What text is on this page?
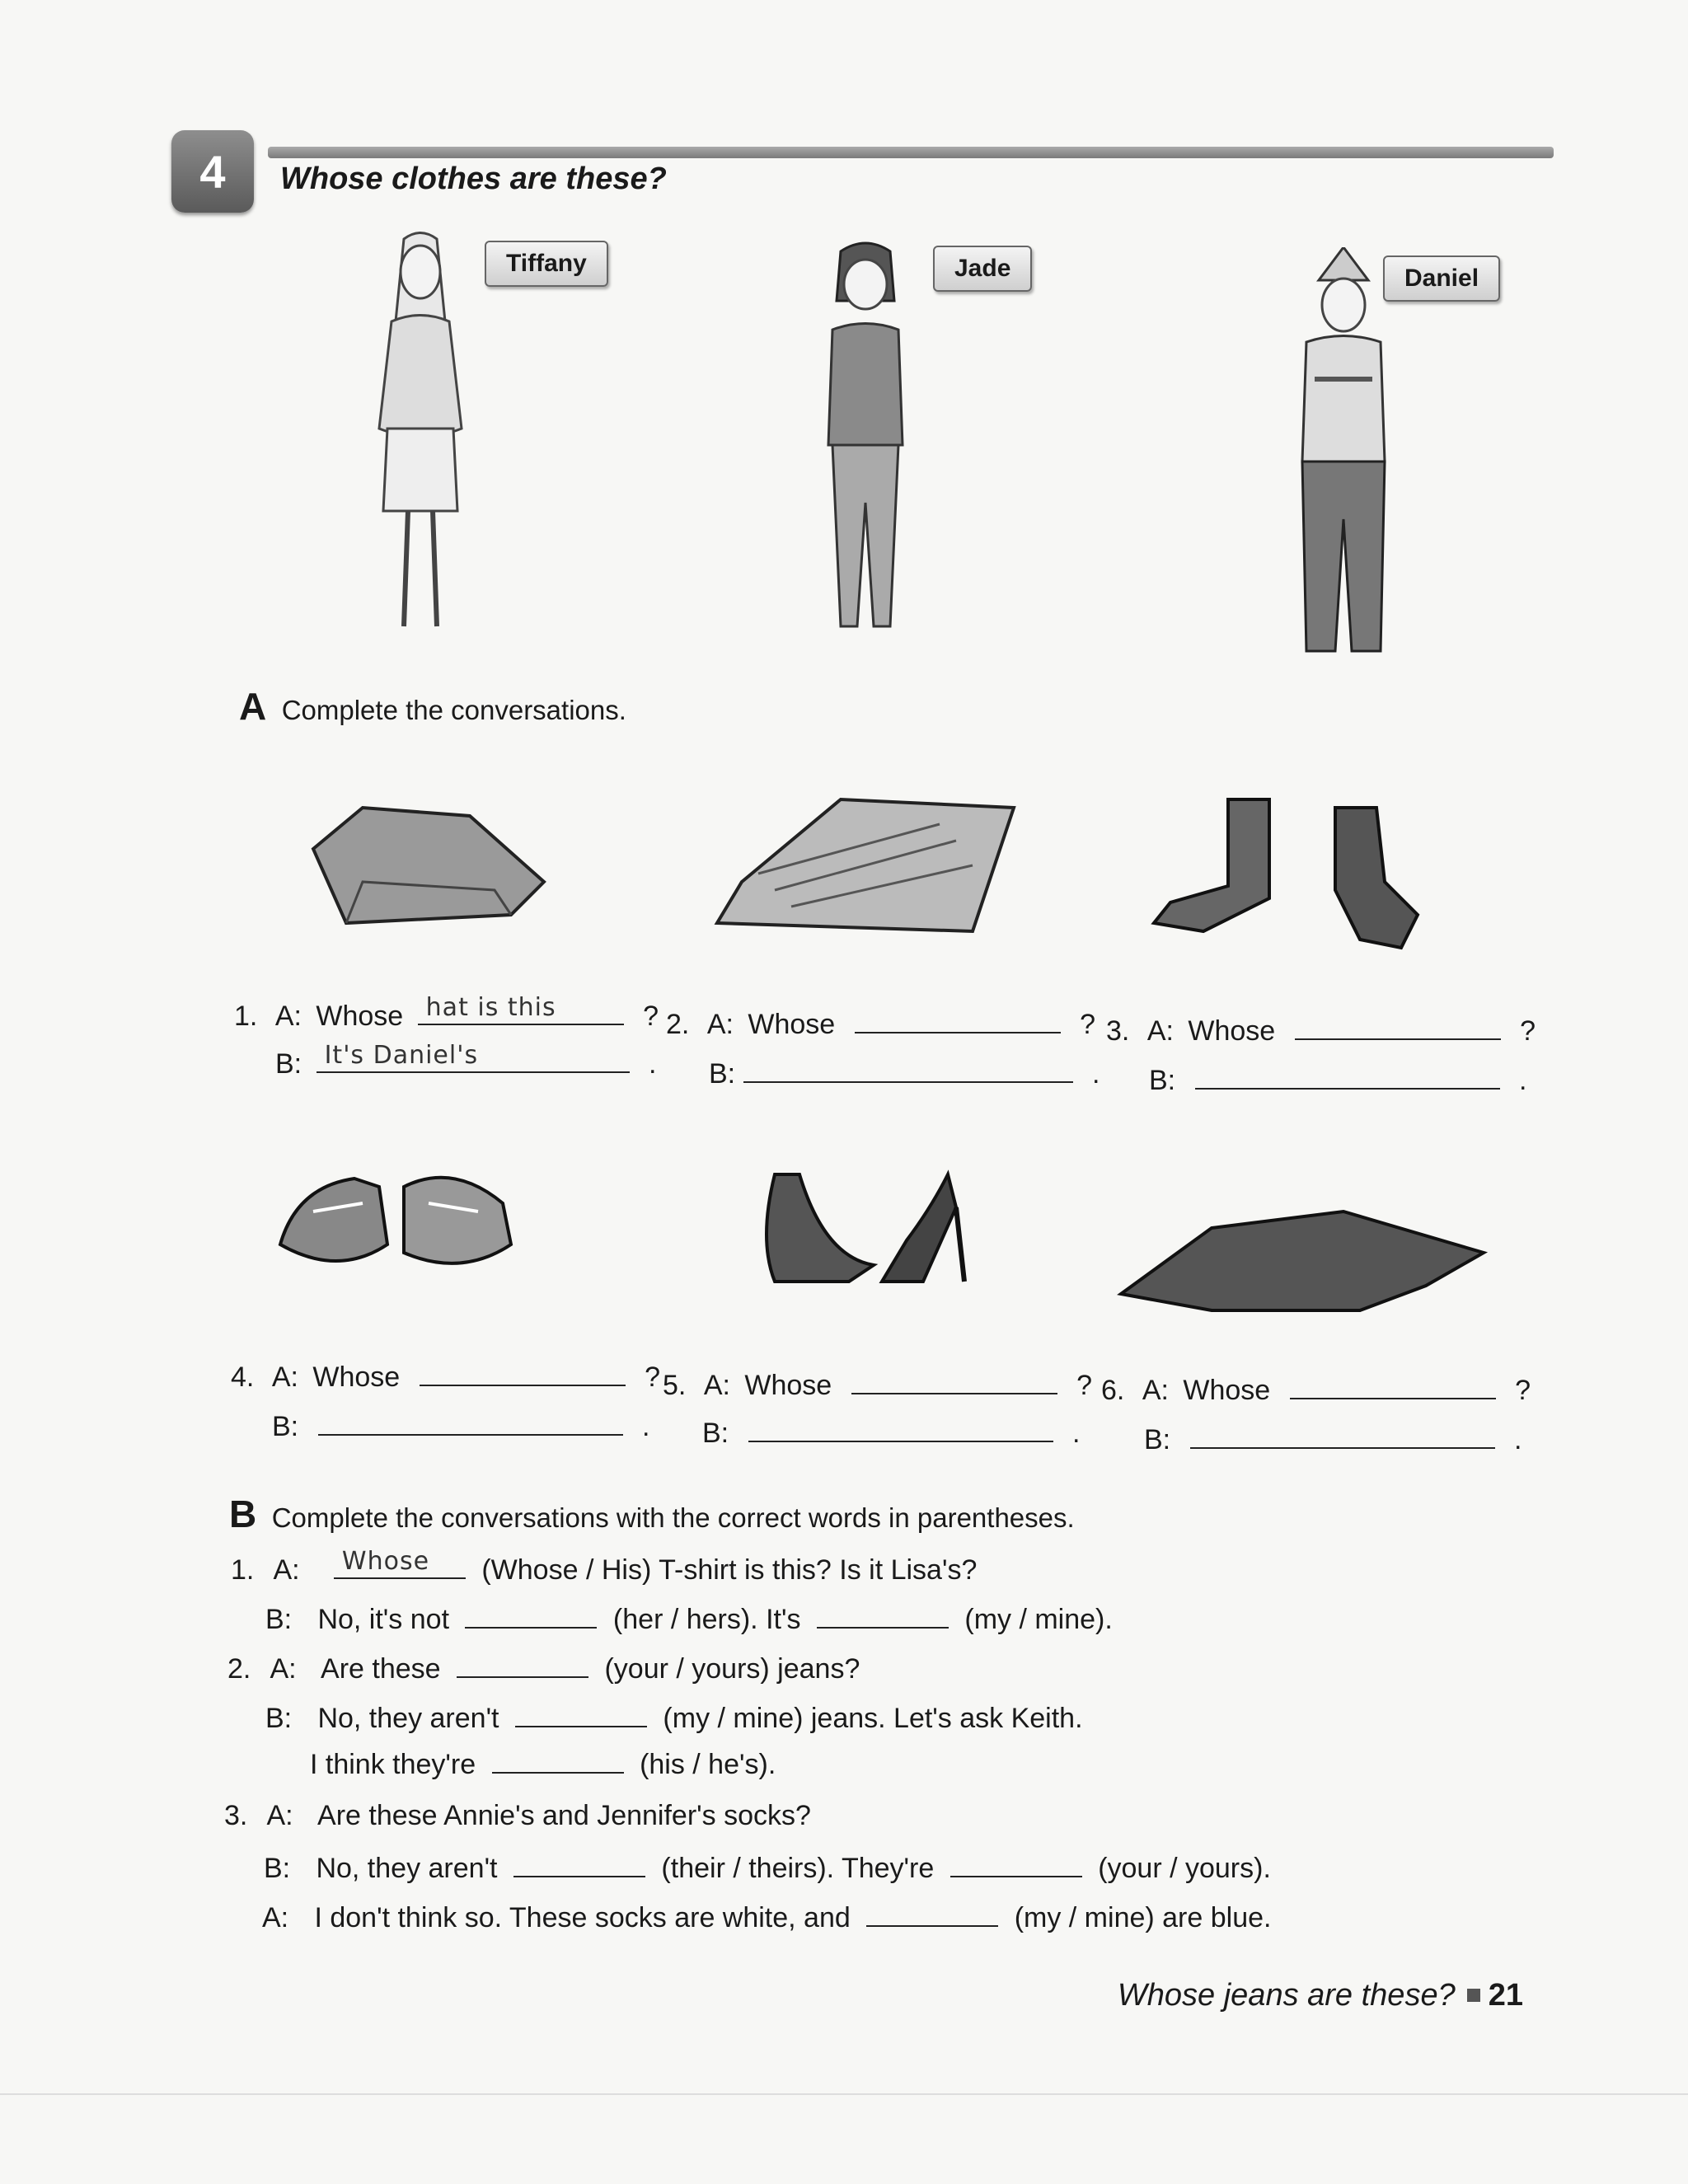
4	Whose clothes are these?
Tiffany	Jade	Daniel
A Complete the conversations.
1. A: Whose hat is this	?
B: It's Daniel's	.
2. A: Whose	?
B:	.
3. A: Whose	?
B:	.
4. A: Whose	?
B:	.
5. A: Whose	?
B:	.
6. A: Whose	?
B:	.
B Complete the conversations with the correct words in parentheses.
1. A: Whose (Whose / His) T-shirt is this? Is it Lisa's?
B: No, it's not	(her / hers). It's	(my / mine).
2. A: Are these	(your / yours) jeans?
B: No, they aren't	(my / mine) jeans. Let's ask Keith.
I think they're	(his / he's).
3. A: Are these Annie's and Jennifer's socks?
B: No, they aren't	(their / theirs). They're	(your / yours).
A: I don't think so. These socks are white, and	(my / mine) are blue.
Whose jeans are these? 21
